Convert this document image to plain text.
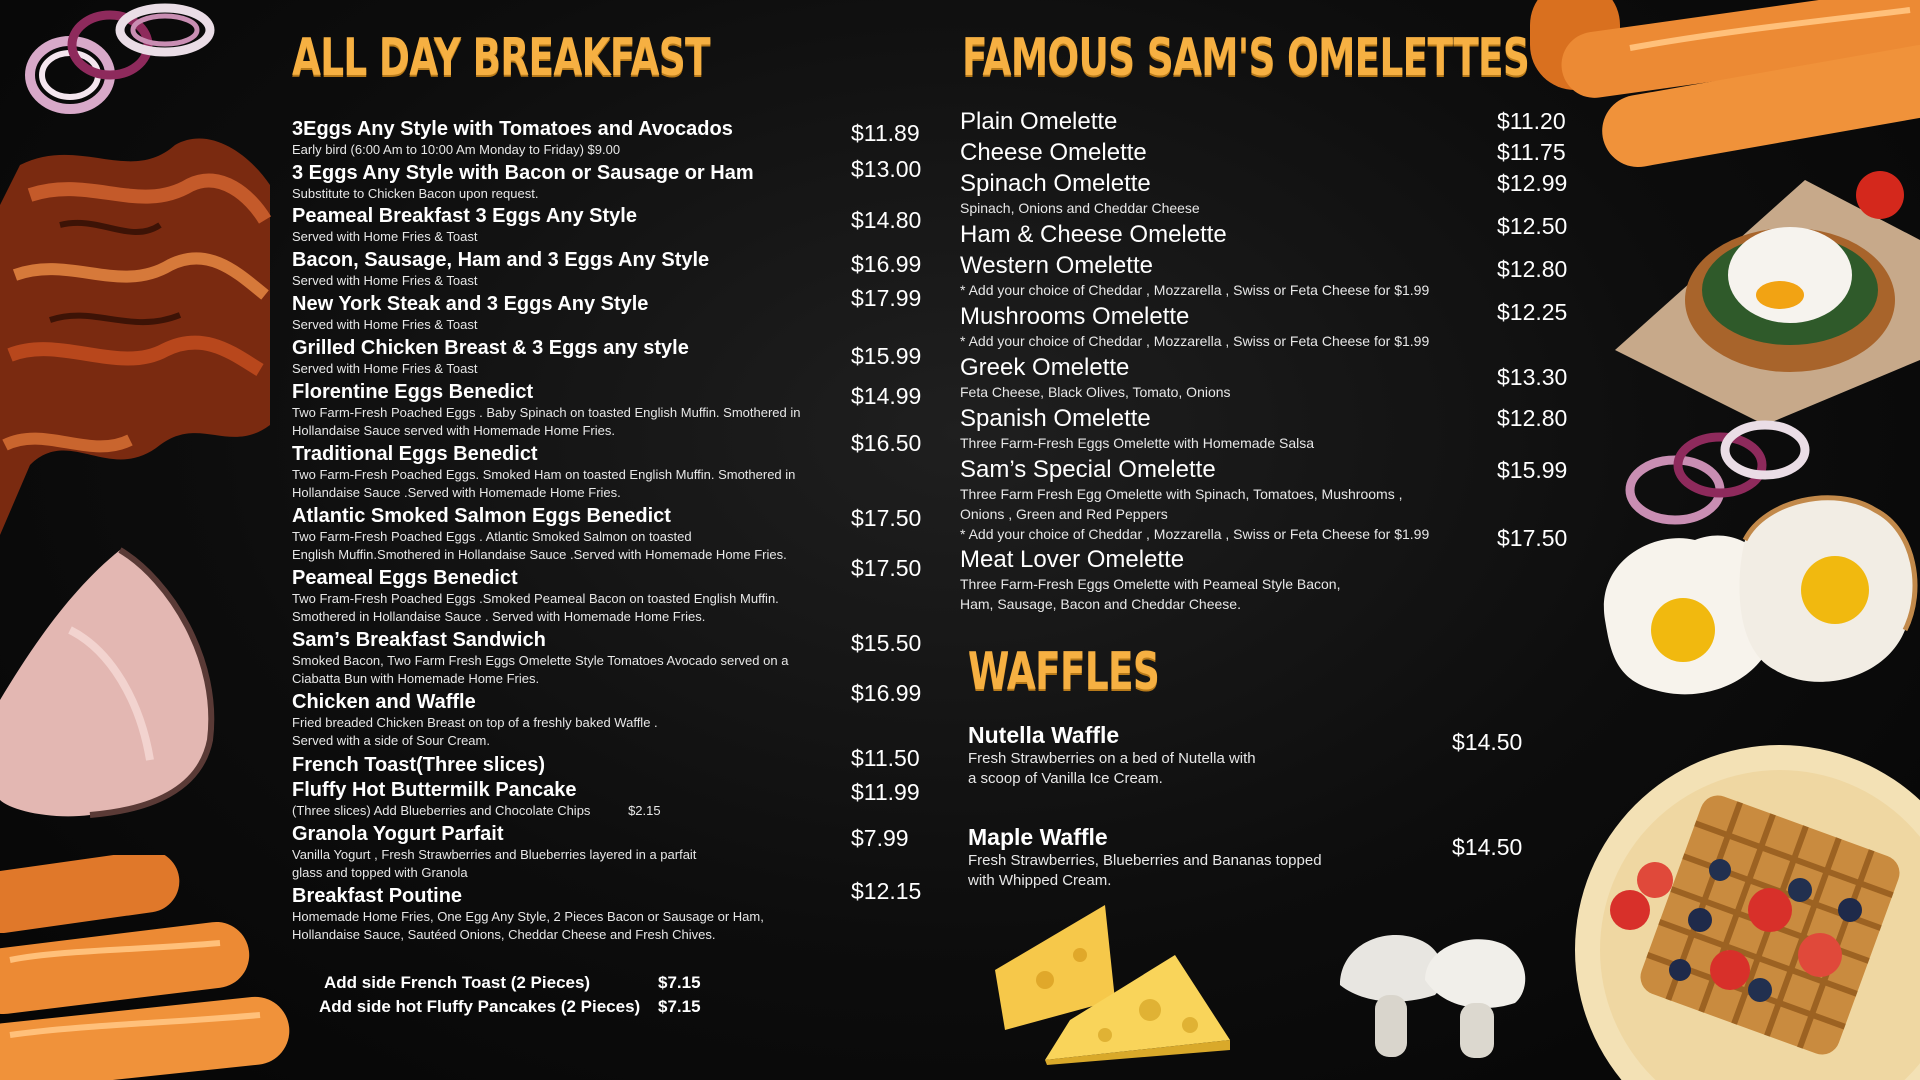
ALL DAY BREAKFAST
3Eggs Any Style with Tomatoes and Avocados
Early bird (6:00 Am to 10:00 Am Monday to Friday) $9.00
$11.89
3 Eggs Any Style with Bacon or Sausage or Ham
Substitute to Chicken Bacon upon request.
$13.00
Peameal Breakfast 3 Eggs Any Style
Served with Home Fries & Toast
$14.80
Bacon, Sausage, Ham and 3 Eggs Any Style
Served with Home Fries & Toast
$16.99
New York Steak and 3 Eggs Any Style
Served with Home Fries & Toast
$17.99
Grilled Chicken Breast & 3 Eggs any style
Served with Home Fries & Toast	$15.99
Florentine Eggs Benedict
Two Farm-Fresh Poached Eggs . Baby Spinach on toasted English Muffin. Smothered in
Hollandaise Sauce served with Homemade Home Fries.
$14.99
Traditional Eggs Benedict
Two Farm-Fresh Poached Eggs. Smoked Ham on toasted English Muffin. Smothered in
Hollandaise Sauce .Served with Homemade Home Fries.
$16.50
Atlantic Smoked Salmon Eggs Benedict
Two Farm-Fresh Poached Eggs . Atlantic Smoked Salmon on toasted
English Muffin.Smothered in Hollandaise Sauce .Served with Homemade Home Fries.
$17.50
Peameal Eggs Benedict
Two Fram-Fresh Poached Eggs .Smoked Peameal Bacon on toasted English Muffin.
Smothered in Hollandaise Sauce . Served with Homemade Home Fries.
$17.50
Sam’s Breakfast Sandwich
Smoked Bacon, Two Farm Fresh Eggs Omelette Style Tomatoes Avocado served on a
Ciabatta Bun with Homemade Home Fries.
$15.50
Chicken and Waffle
Fried breaded Chicken Breast on top of a freshly baked Waffle .
Served with a side of Sour Cream.
$16.99
French Toast(Three slices)	$11.50
Fluffy Hot Buttermilk Pancake
(Three slices) Add Blueberries and Chocolate Chips	$2.15
$11.99
Granola Yogurt Parfait
Vanilla Yogurt , Fresh Strawberries and Blueberries layered in a parfait
glass and topped with Granola
$7.99
Breakfast Poutine
Homemade Home Fries, One Egg Any Style, 2 Pieces Bacon or Sausage or Ham,
Hollandaise Sauce, Sautéed Onions, Cheddar Cheese and Fresh Chives.
$12.15
Add side French Toast (2 Pieces)	$7.15
Add side hot Fluffy Pancakes (2 Pieces) $7.15
FAMOUS SAM'S OMELETTES
Plain Omelette	$11.20
Cheese Omelette	$11.75
Spinach Omelette
Spinach, Onions and Cheddar Cheese
$12.99
Ham & Cheese Omelette	$12.50
Western Omelette
* Add your choice of Cheddar , Mozzarella , Swiss or Feta Cheese for $1.99
$12.80
Mushrooms Omelette
* Add your choice of Cheddar , Mozzarella , Swiss or Feta Cheese for $1.99
$12.25
Greek Omelette
Feta Cheese, Black Olives, Tomato, Onions
$13.30
Spanish Omelette
Three Farm-Fresh Eggs Omelette with Homemade Salsa
$12.80
Sam’s Special Omelette
Three Farm Fresh Egg Omelette with Spinach, Tomatoes, Mushrooms ,
Onions , Green and Red Peppers
* Add your choice of Cheddar , Mozzarella , Swiss or Feta Cheese for $1.99
$15.99
Meat Lover Omelette
Three Farm-Fresh Eggs Omelette with Peameal Style Bacon,
Ham, Sausage, Bacon and Cheddar Cheese.
$17.50
WAFFLES
Nutella Waffle
Fresh Strawberries on a bed of Nutella with
a scoop of Vanilla Ice Cream.
$14.50
Maple Waffle
Fresh Strawberries, Blueberries and Bananas topped
with Whipped Cream.
$14.50
